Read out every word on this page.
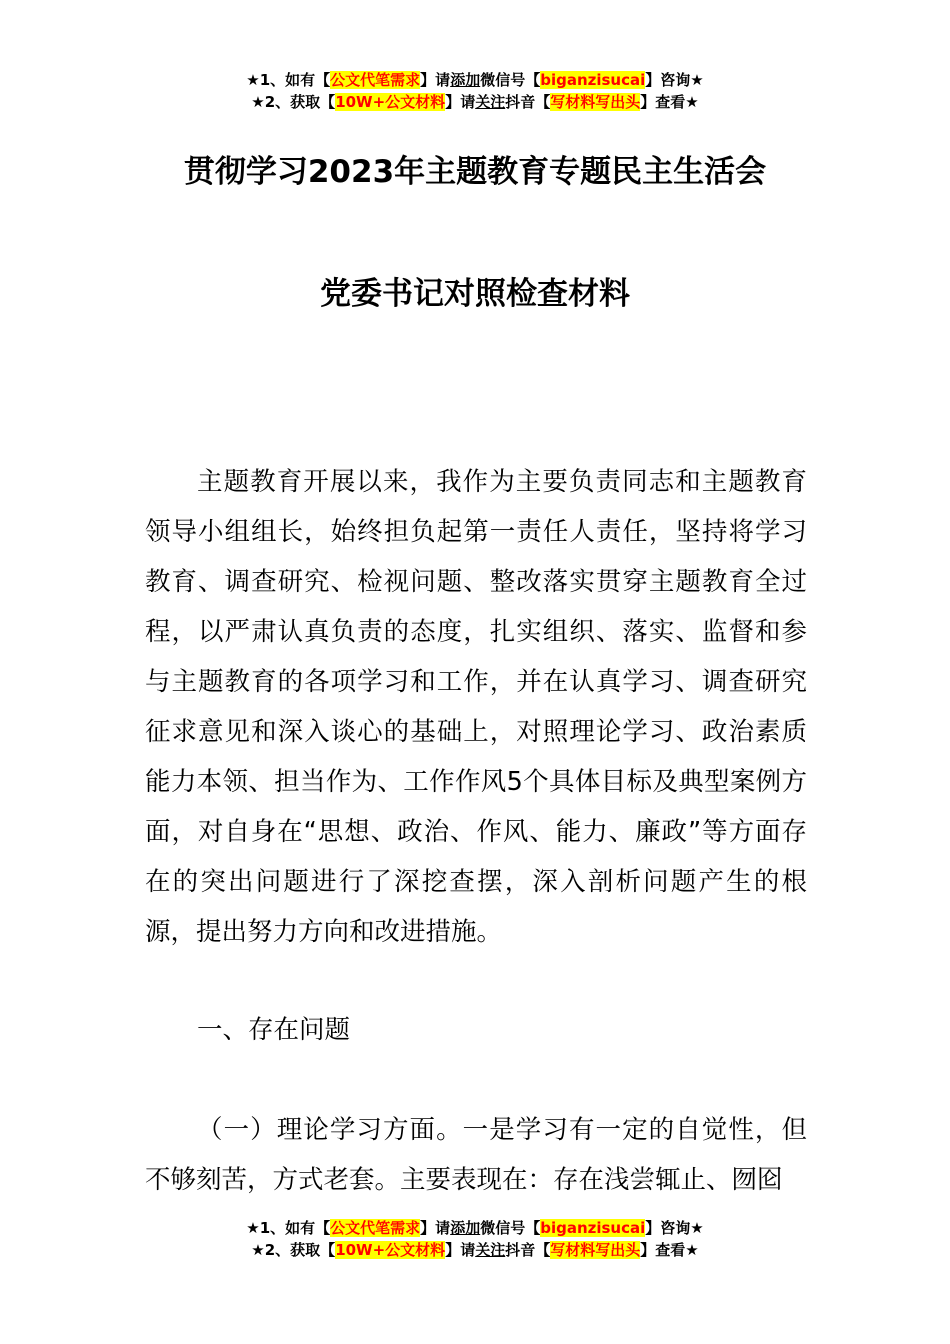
★1、如有【公文代笔需求】请添加微信号【biganzisucai】咨询★
★2、获取【10W+公文材料】请关注抖音【写材料写出头】查看★
贯彻学习2023年主题教育专题民主生活会
党委书记对照检查材料

主题教育开展以来，我作为主要负责同志和主题教育领导小组组长，始终担负起第一责任人责任，坚持将学习教育、调查研究、检视问题、整改落实贯穿主题教育全过程，以严肃认真负责的态度，扎实组织、落实、监督和参与主题教育的各项学习和工作，并在认真学习、调查研究征求意见和深入谈心的基础上，对照理论学习、政治素质能力本领、担当作为、工作作风5个具体目标及典型案例方面，对自身在“思想、政治、作风、能力、廉政”等方面存在的突出问题进行了深挖查摆，深入剖析问题产生的根源，提出努力方向和改进措施。

一、存在问题

（一）理论学习方面。一是学习有一定的自觉性，但不够刻苦，方式老套。主要表现在：存在浅尝辄止、囫囵

★1、如有【公文代笔需求】请添加微信号【biganzisucai】咨询★
★2、获取【10W+公文材料】请关注抖音【写材料写出头】查看★
